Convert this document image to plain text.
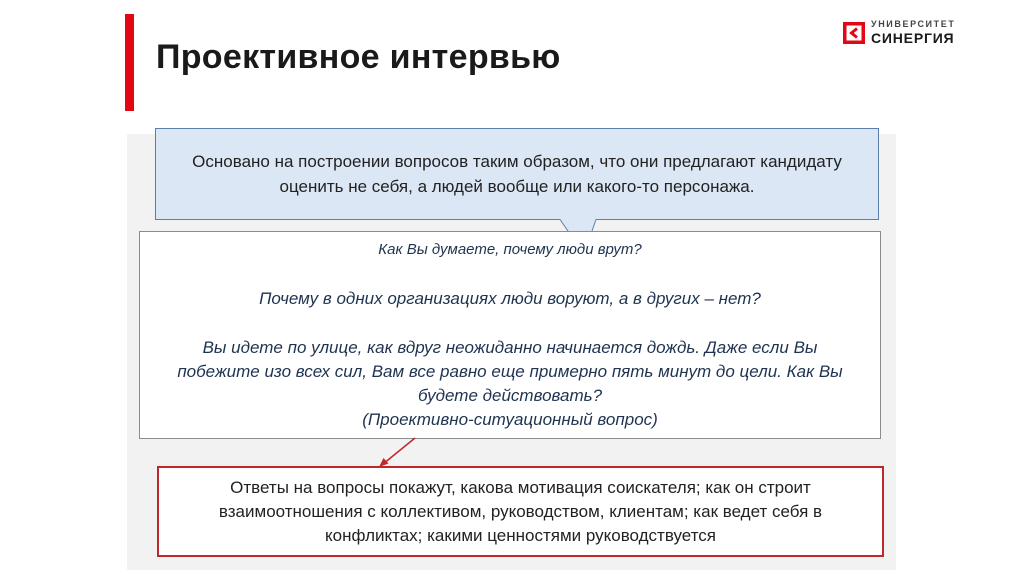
Проективное интервью
УНИВЕРСИТЕТ
СИНЕРГИЯ
Основано на построении вопросов таким образом, что они предлагают кандидату оценить не себя, а людей вообще или какого-то персонажа.
Как Вы думаете, почему люди врут?
Почему в одних организациях люди воруют, а в других – нет?
Вы идете по улице, как вдруг неожиданно начинается дождь. Даже если Вы побежите изо всех сил, Вам все равно еще примерно пять минут до цели. Как Вы будете действовать?
(Проективно-ситуационный вопрос)
Ответы на вопросы покажут, какова мотивация соискателя; как он строит взаимоотношения с коллективом, руководством, клиентам; как ведет себя в конфликтах; какими ценностями руководствуется
